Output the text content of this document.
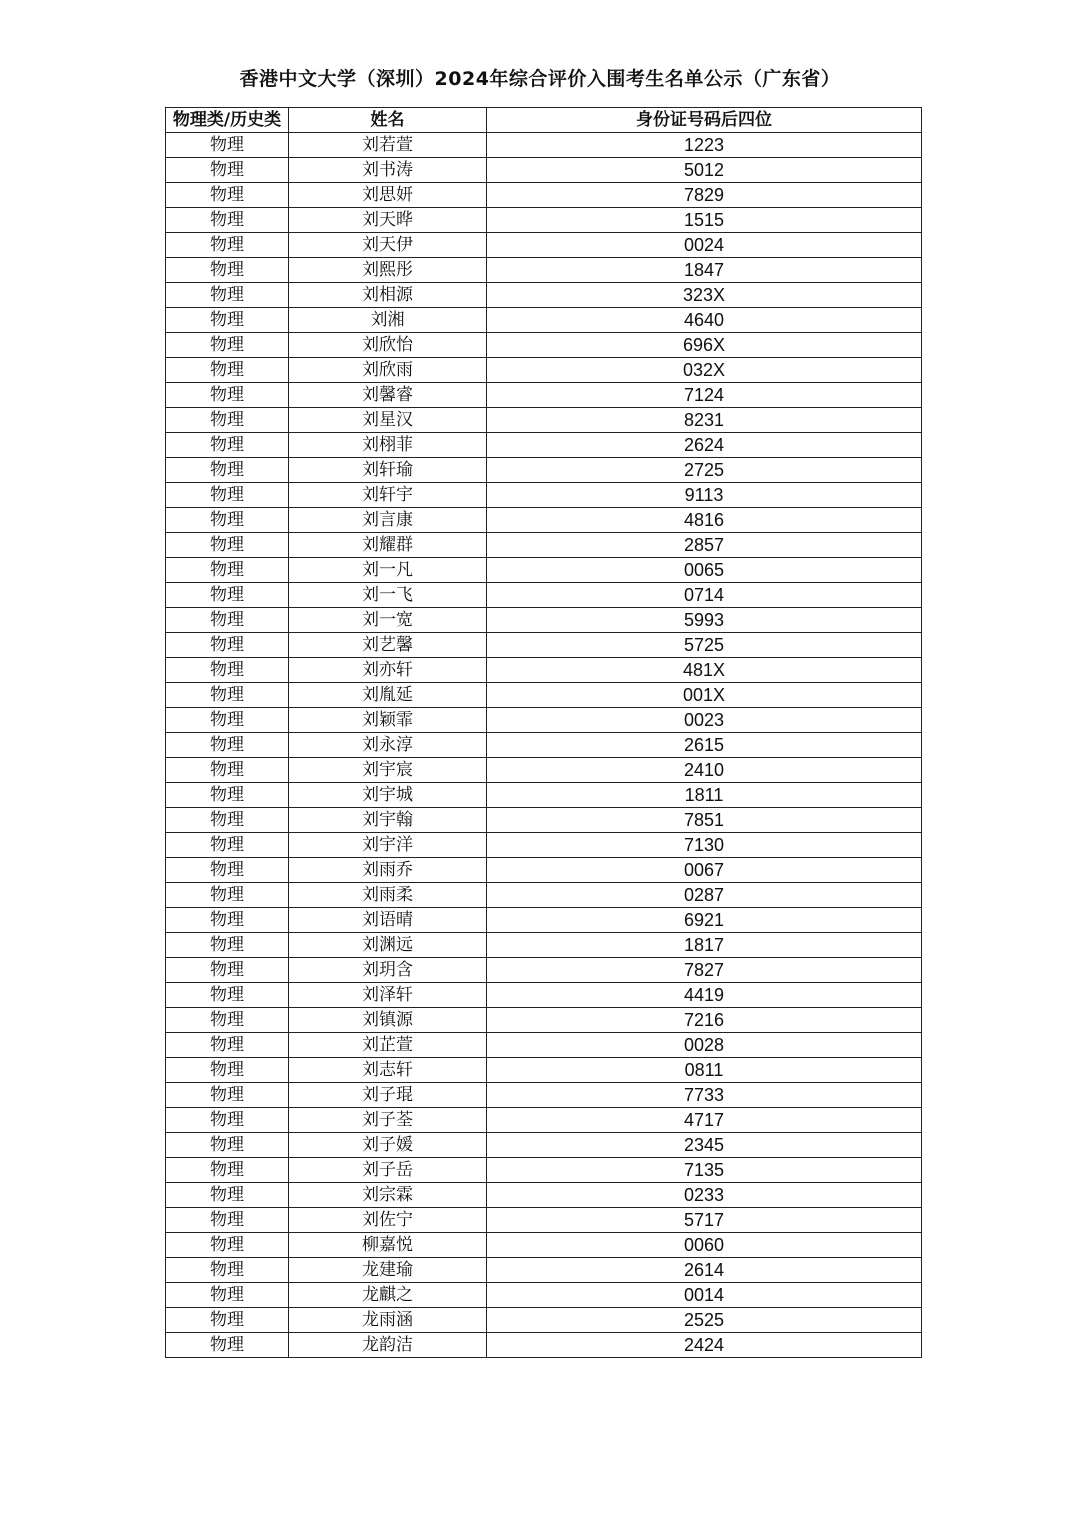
香港中文大学（深圳）2024年综合评价入围考生名单公示（广东省）
物理类/历史类	姓名	身份证号码后四位
物理	刘若萱	1223
物理	刘书涛	5012
物理	刘思妍	7829
物理	刘天晔	1515
物理	刘天伊	0024
物理	刘熙彤	1847
物理	刘相源	323X
物理	刘湘	4640
物理	刘欣怡	696X
物理	刘欣雨	032X
物理	刘馨睿	7124
物理	刘星汉	8231
物理	刘栩菲	2624
物理	刘轩瑜	2725
物理	刘轩宇	9113
物理	刘言康	4816
物理	刘耀群	2857
物理	刘一凡	0065
物理	刘一飞	0714
物理	刘一宽	5993
物理	刘艺馨	5725
物理	刘亦轩	481X
物理	刘胤延	001X
物理	刘颖霏	0023
物理	刘永淳	2615
物理	刘宇宸	2410
物理	刘宇城	1811
物理	刘宇翰	7851
物理	刘宇洋	7130
物理	刘雨乔	0067
物理	刘雨柔	0287
物理	刘语晴	6921
物理	刘渊远	1817
物理	刘玥含	7827
物理	刘泽轩	4419
物理	刘镇源	7216
物理	刘芷萱	0028
物理	刘志轩	0811
物理	刘子琨	7733
物理	刘子荃	4717
物理	刘子媛	2345
物理	刘子岳	7135
物理	刘宗霖	0233
物理	刘佐宁	5717
物理	柳嘉悦	0060
物理	龙建瑜	2614
物理	龙麒之	0014
物理	龙雨涵	2525
物理	龙韵洁	2424
